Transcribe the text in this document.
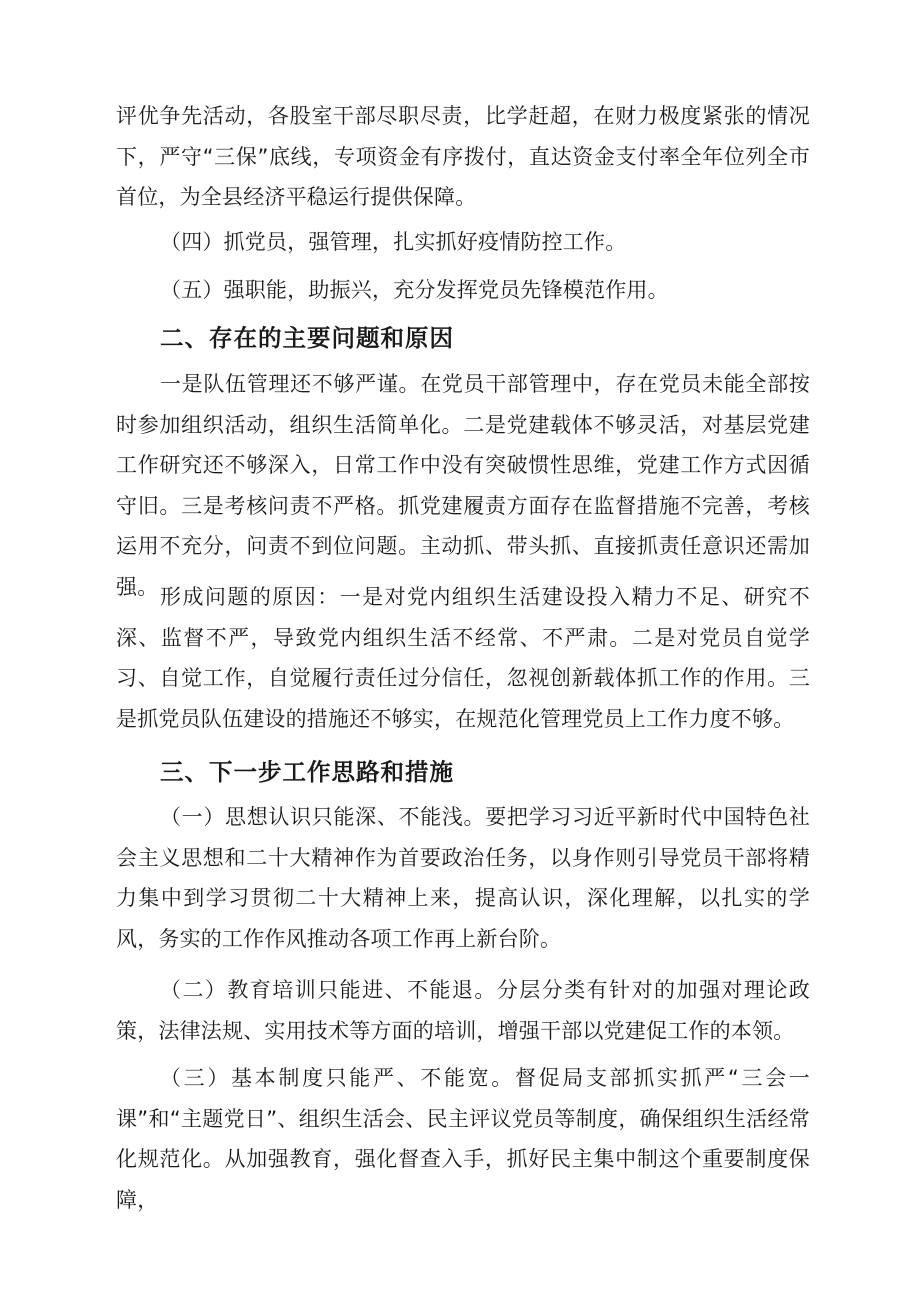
评优争先活动，各股室干部尽职尽责，比学赶超，在财力极度紧张的情况下，严守“三保”底线，专项资金有序拨付，直达资金支付率全年位列全市首位，为全县经济平稳运行提供保障。

（四）抓党员，强管理，扎实抓好疫情防控工作。

（五）强职能，助振兴，充分发挥党员先锋模范作用。

二、存在的主要问题和原因

一是队伍管理还不够严谨。在党员干部管理中，存在党员未能全部按时参加组织活动，组织生活简单化。二是党建载体不够灵活，对基层党建工作研究还不够深入，日常工作中没有突破惯性思维，党建工作方式因循守旧。三是考核问责不严格。抓党建履责方面存在监督措施不完善，考核运用不充分，问责不到位问题。主动抓、带头抓、直接抓责任意识还需加强。 形成问题的原因：一是对党内组织生活建设投入精力不足、研究不深、监督不严，导致党内组织生活不经常、不严肃。二是对党员自觉学习、自觉工作，自觉履行责任过分信任，忽视创新载体抓工作的作用。三是抓党员队伍建设的措施还不够实，在规范化管理党员上工作力度不够。

三、下一步工作思路和措施

（一）思想认识只能深、不能浅。要把学习习近平新时代中国特色社会主义思想和二十大精神作为首要政治任务，以身作则引导党员干部将精力集中到学习贯彻二十大精神上来，提高认识，深化理解，以扎实的学风，务实的工作作风推动各项工作再上新台阶。

（二）教育培训只能进、不能退。分层分类有针对的加强对理论政策，法律法规、实用技术等方面的培训，增强干部以党建促工作的本领。

（三）基本制度只能严、不能宽。督促局支部抓实抓严“三会一课”和“主题党日”、组织生活会、民主评议党员等制度，确保组织生活经常化规范化。从加强教育，强化督查入手，抓好民主集中制这个重要制度保障，
